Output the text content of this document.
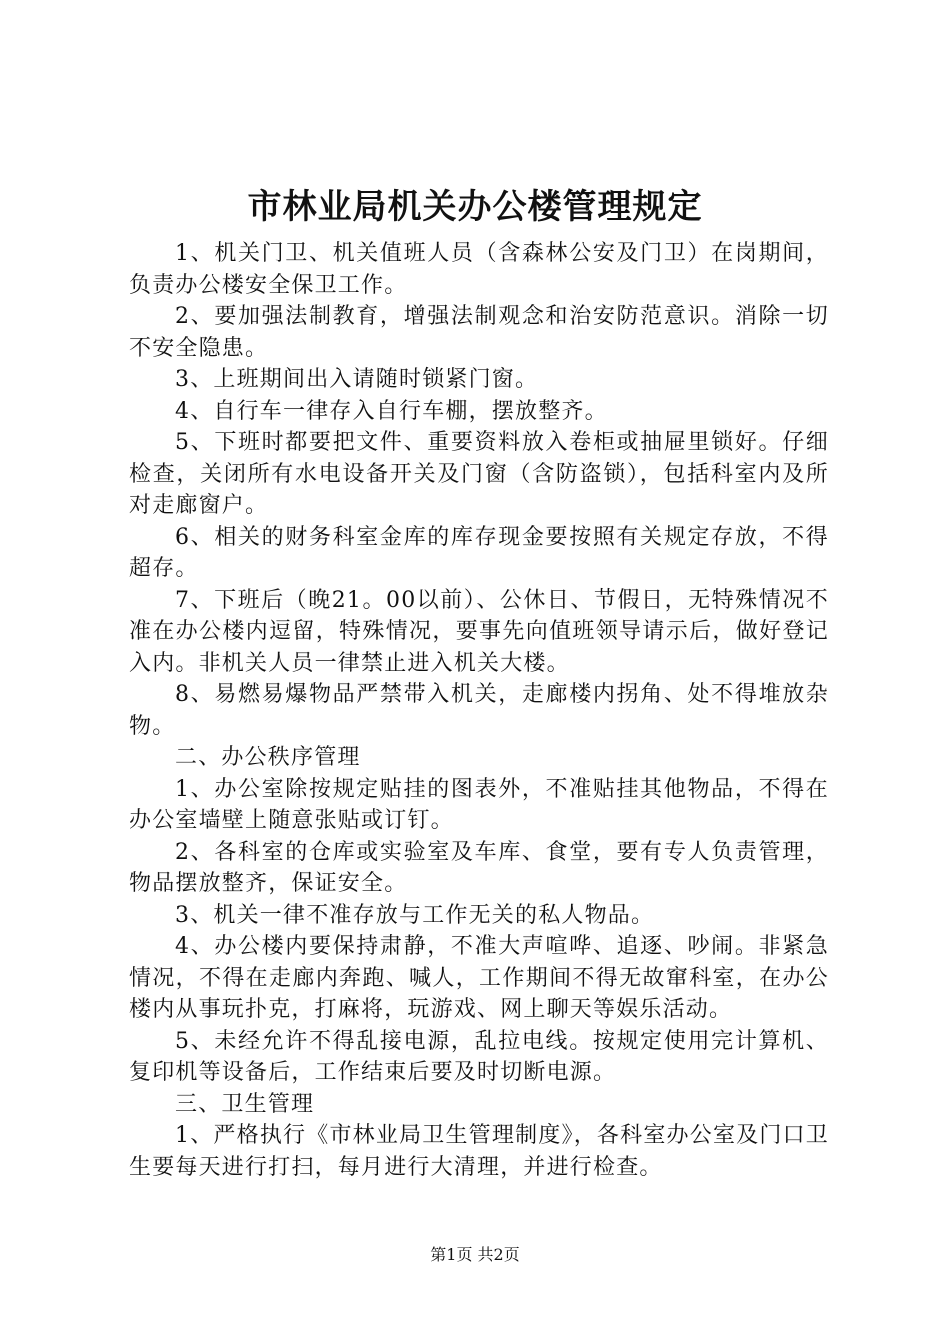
市林业局机关办公楼管理规定

1、机关门卫、机关值班人员（含森林公安及门卫）在岗期间，负责办公楼安全保卫工作。

2、要加强法制教育，增强法制观念和治安防范意识。消除一切不安全隐患。

3、上班期间出入请随时锁紧门窗。

4、自行车一律存入自行车棚，摆放整齐。

5、下班时都要把文件、重要资料放入卷柜或抽屉里锁好。仔细检查，关闭所有水电设备开关及门窗（含防盗锁），包括科室内及所对走廊窗户。

6、相关的财务科室金库的库存现金要按照有关规定存放，不得超存。

7、下班后（晚21。00以前）、公休日、节假日，无特殊情况不准在办公楼内逗留，特殊情况，要事先向值班领导请示后，做好登记入内。非机关人员一律禁止进入机关大楼。

8、易燃易爆物品严禁带入机关，走廊楼内拐角、处不得堆放杂物。

二、办公秩序管理

1、办公室除按规定贴挂的图表外，不准贴挂其他物品，不得在办公室墙壁上随意张贴或订钉。

2、各科室的仓库或实验室及车库、食堂，要有专人负责管理，物品摆放整齐，保证安全。

3、机关一律不准存放与工作无关的私人物品。

4、办公楼内要保持肃静，不准大声喧哗、追逐、吵闹。非紧急情况，不得在走廊内奔跑、喊人，工作期间不得无故窜科室，在办公楼内从事玩扑克，打麻将，玩游戏、网上聊天等娱乐活动。

5、未经允许不得乱接电源，乱拉电线。按规定使用完计算机、复印机等设备后，工作结束后要及时切断电源。

三、卫生管理

1、严格执行《市林业局卫生管理制度》，各科室办公室及门口卫生要每天进行打扫，每月进行大清理，并进行检查。

第1页 共2页
